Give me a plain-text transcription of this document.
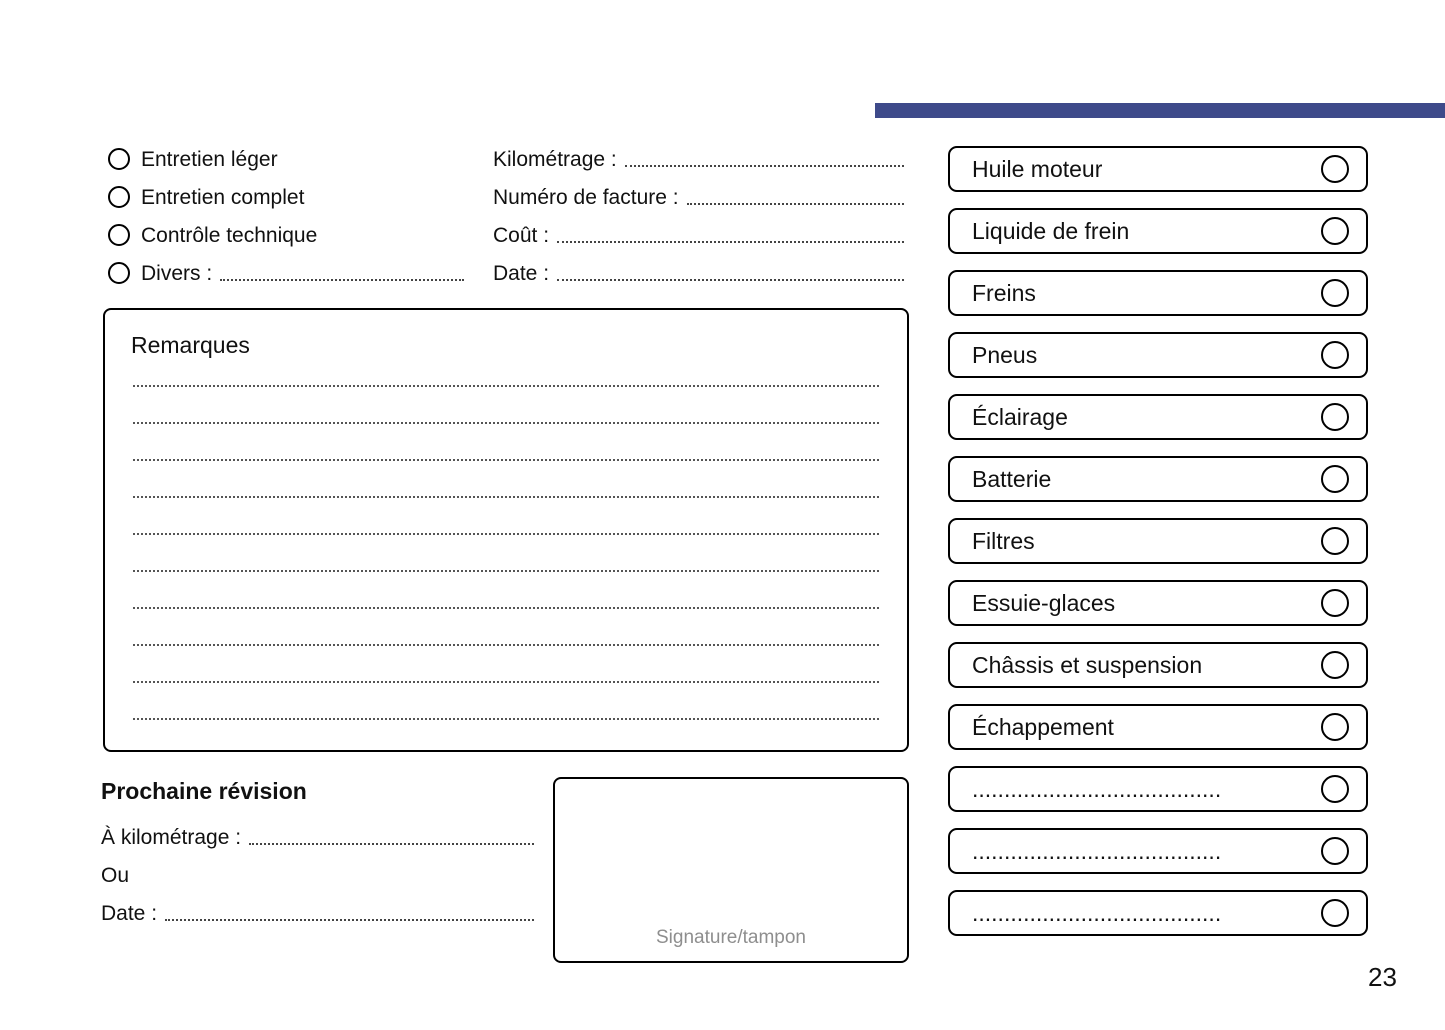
Entretien léger
Entretien complet
Contrôle technique
Divers :
Kilométrage :
Numéro de facture :
Coût :
Date :
Remarques
Prochaine révision
À kilométrage :
Ou
Date :
Signature/tampon
Huile moteur
Liquide de frein
Freins
Pneus
Éclairage
Batterie
Filtres
Essuie-glaces
Châssis et suspension
Échappement
.......................................
.......................................
.......................................
23
